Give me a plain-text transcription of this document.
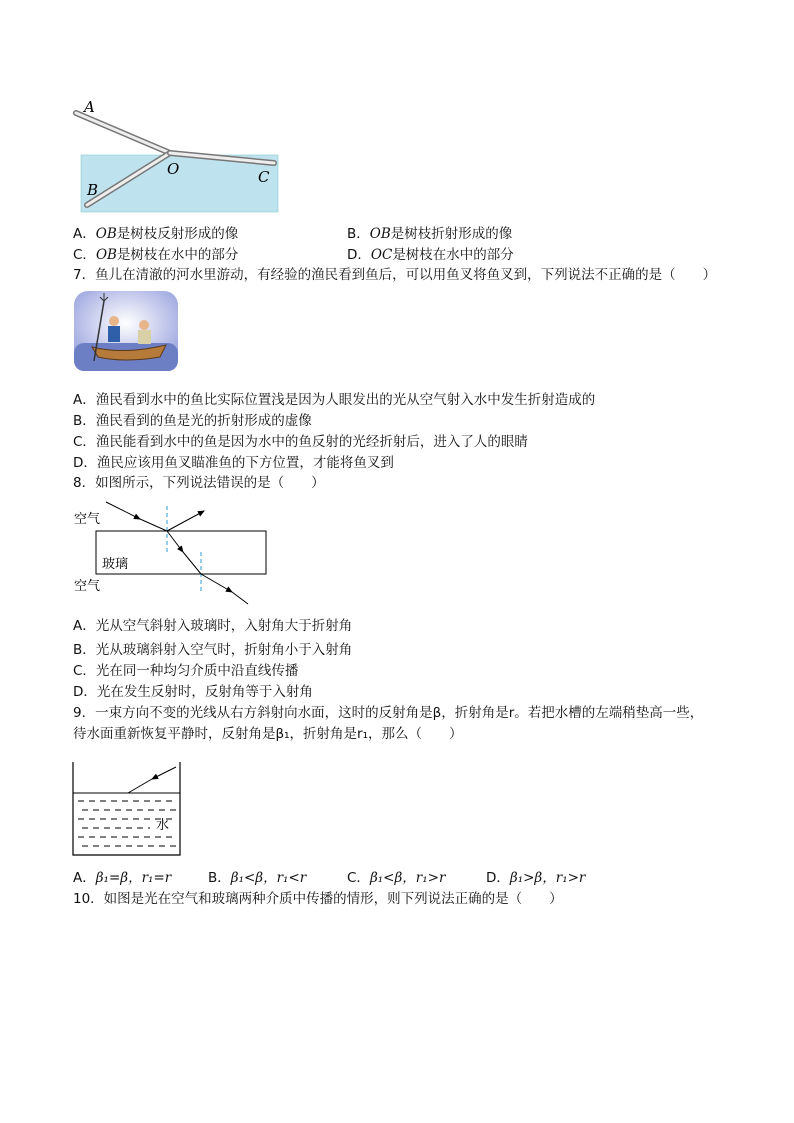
A
O
B
C
A．OB是树枝反射形成的像	B．OB是树枝折射形成的像
C．OB是树枝在水中的部分	D．OC是树枝在水中的部分
7．鱼儿在清澈的河水里游动，有经验的渔民看到鱼后，可以用鱼叉将鱼叉到，下列说法不正确的是（　　）
A．渔民看到水中的鱼比实际位置浅是因为人眼发出的光从空气射入水中发生折射造成的
B．渔民看到的鱼是光的折射形成的虚像
C．渔民能看到水中的鱼是因为水中的鱼反射的光经折射后，进入了人的眼睛
D．渔民应该用鱼叉瞄准鱼的下方位置，才能将鱼叉到
8．如图所示，下列说法错误的是（　　）
空气
玻璃
空气
A．光从空气斜射入玻璃时，入射角大于折射角
B．光从玻璃斜射入空气时，折射角小于入射角
C．光在同一种均匀介质中沿直线传播
D．光在发生反射时，反射角等于入射角
9．一束方向不变的光线从右方斜射向水面，这时的反射角是β，折射角是r。若把水槽的左端稍垫高一些，
待水面重新恢复平静时，反射角是β₁，折射角是r₁，那么（　　）
水
A．β₁=β，r₁=r	B．β₁<β，r₁<r	C．β₁<β，r₁>r	D．β₁>β，r₁>r
10．如图是光在空气和玻璃两种介质中传播的情形，则下列说法正确的是（　　）
